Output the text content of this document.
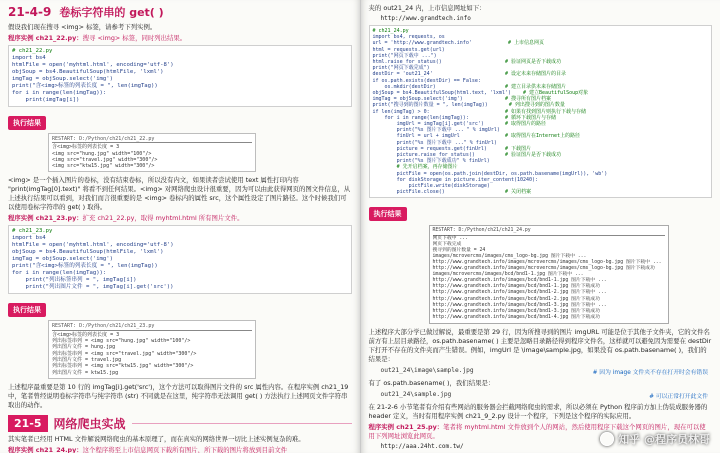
21-4-9 卷标字符串的 get( )

假设我们现在搜寻 <img> 标签，请参考下列实例。

程序实例 ch21_22.py：搜寻 <img> 标签，同时列出结果。
# ch21_22.py
import bs4
htmlFile = open('myhtml.html', encoding='utf-8')
objSoup = bs4.BeautifulSoup(htmlFile, 'lxml')
imgTag = objSoup.select('img')
print("含<img>标签的列表长度 = ", len(imgTag))
for i in range(len(imgTag)):
print(imgTag[i])
执行结果
RESTART: D:/Python/ch21/ch21_22.py
含<img>标签的列表长度 = 3
<img src="hung.jpg" width="100"/>
<img src="travel.jpg" width="300"/>
<img src="ktw15.jpg" width="300"/>

<img> 是一个插入图片的卷标，没有结束卷标，所以没有内文，如果读者尝试使用 text 属性打印内容 "print(imgTag[0].text)" 将看不到任何结果。<img> 对网络爬虫设计很重要，因为可以由此获得网页的图文件信息，从上述执行结果可以看到，对我们而言很重要的是 <img> 卷标内的属性 src，这个属性设定了图片路径。这个时候我们可以使用卷标字符串的 get( ) 取得。

程序实例 ch21_23.py：扩充 ch21_22.py，取得 myhtml.html 所有图片文件。
# ch21_23.py
import bs4
htmlFile = open('myhtml.html', encoding='utf-8')
objSoup = bs4.BeautifulSoup(htmlFile, 'lxml')
imgTag = objSoup.select('img')
print("含<img>标签的列表长度 = ", len(imgTag))
for i in range(len(imgTag)):
print("列出标签串列 = ", imgTag[i])
print("列出图片文件 = ", imgTag[i].get('src'))
执行结果
RESTART: D:/Python/ch21/ch21_23.py
含<img>标签的列表长度 = 3
列出标签串列 = <img src="hung.jpg" width="100"/>
列出图片文件 = hung.jpg
列出标签串列 = <img src="travel.jpg" width="300"/>
列出图片文件 = travel.jpg
列出标签串列 = <img src="ktw15.jpg" width="300"/>
列出图片文件 = ktw15.jpg

上述程序最重要是第 10 行的 imgTag[i].get('src')，这个方法可以取得图片文件的 src 属性内容。在程序实例 ch21_19 中，笔者曾经说明卷标字符串与纯字符串 (str) 不同就是在这里，纯字符串无法调用 get( ) 方法执行上述网页文件字符串取出的动作。

21-5	网络爬虫实战

其实笔者已经用 HTML 文件解说网络爬虫的基本原理了，而在真实的网络世界一切比上述实例复杂的难。

程序实例 ch21_24.py：这个程序将至上市信息网页下载所有图片，所下载的图片将放到目前文件

夹的 out21_24 内，上市信息网址如下：

http://www.grandtech.info
# ch21_24.py
import bs4, requests, os
url = 'http://www.grandtech.info'            # 上市信息网页
html = requests.get(url)
print("网页下载中 ...")
html.raise_for_status()                     # 验证网页是否下载成功
print("网页下载完成")
destDir = 'out21_24'                        # 设定未来存储图片的目录
if os.path.exists(destDir) == False:
os.mkdir(destDir)                       # 建立目录供未来存储图片
objSoup = bs4.BeautifulSoup(html.text, 'lxml')    # 建立BeautifulSoup对象
imgTag = objSoup.select('img')              # 搜寻所有图片档案
print("搜寻到的图片数量 = ", len(imgTag))       # 列出搜寻到的图片数量
if len(imgTag) > 0:                         # 如果有找到图片则执行下载与存储
for i in range(len(imgTag)):            # 循环下载图片与存储
imgUrl = imgTag[i].get('src')       # 取得图片的路径
print("%s 图片下载中 ... " % imgUrl)
finUrl = url + imgUrl               # 取得图片在Internet上的路径
print("%s 图片下载中 ..." % finUrl)
picture = requests.get(finUrl)      # 下载图片
picture.raise_for_status()          # 验证图片是否下载成功
print("%s 图片下载成功" % finUrl)
# 先开启档案，再存储图片
pictFile = open(os.path.join(destDir, os.path.basename(imgUrl)), 'wb')
for diskStorage in picture.iter_content(10240):
pictFile.write(diskStorage)
pictFile.close()                    # 关闭档案
执行结果
RESTART: D:/Python/ch21/ch21_24.py
网页下载中 ...
网页下载完成
搜寻到的图片数量 = 24
images/mcrovercms/images/cms_logo-bg.jpg 图片下载中 ...
http://www.grandtech.info/images/mcrovercms/images/cms_logo-bg.jpg 图片下载中 ...
http://www.grandtech.info/images/mcrovercms/images/cms_logo-bg.jpg 图片下载成功
images/mcrovercms/images/bcd/bnd1-1.jpg 图片下载中 ...
http://www.grandtech.info/images/bcd/bnd1-1.jpg 图片下载中 ...
http://www.grandtech.info/images/bcd/bnd1-1.jpg 图片下载成功
http://www.grandtech.info/images/bcd/bnd1-2.jpg 图片下载中 ...
http://www.grandtech.info/images/bcd/bnd1-2.jpg 图片下载成功
http://www.grandtech.info/images/bcd/bnd1-3.jpg 图片下载中 ...
http://www.grandtech.info/images/bcd/bnd1-3.jpg 图片下载成功
http://www.grandtech.info/images/bcd/bnd1-4.jpg 图片下载成功

上述程序大部分学已做过解说，最重要是第 29 行，因为所搜寻到的图片 imgURL 可能是位于其他子文件夹，它的文件名前方有上层目录路径，os.path.basename( ) 主要是忽略目录路径得到程序文件名，这样就可以避免因为需要在 destDir 下打开不存在的文件夹而产生错误。例如，imgUrl 是 \image\sample.jpg，如果没有 os.path.basename( )，我们的结果是：

out21_24\image\sample.jpg	# 因为 image 文件夹不存在打开时会有错误

有了 os.path.basename( )，我们结果是：

out21_24\sample.jpg	# 可以正常打开此文件

在 21-2-6 小节笔者有介绍有些网站的服务器会拦截网络爬虫的需求，所以必须在 Python 程序前方加上伪装成服务器的 header 定义，当时有用程序实例 ch21_9_2.py 设计一个程序，下列是这个程序的实际应用。

程序实例 ch21_25.py：笔者将 myhtml.html 文件放到个人的网站，然后使用程序下载这个网页的图片，现在可以使用下列网址浏览此网页。
http://aaa.24ht.com.tw/
知乎 @程序员林哥
